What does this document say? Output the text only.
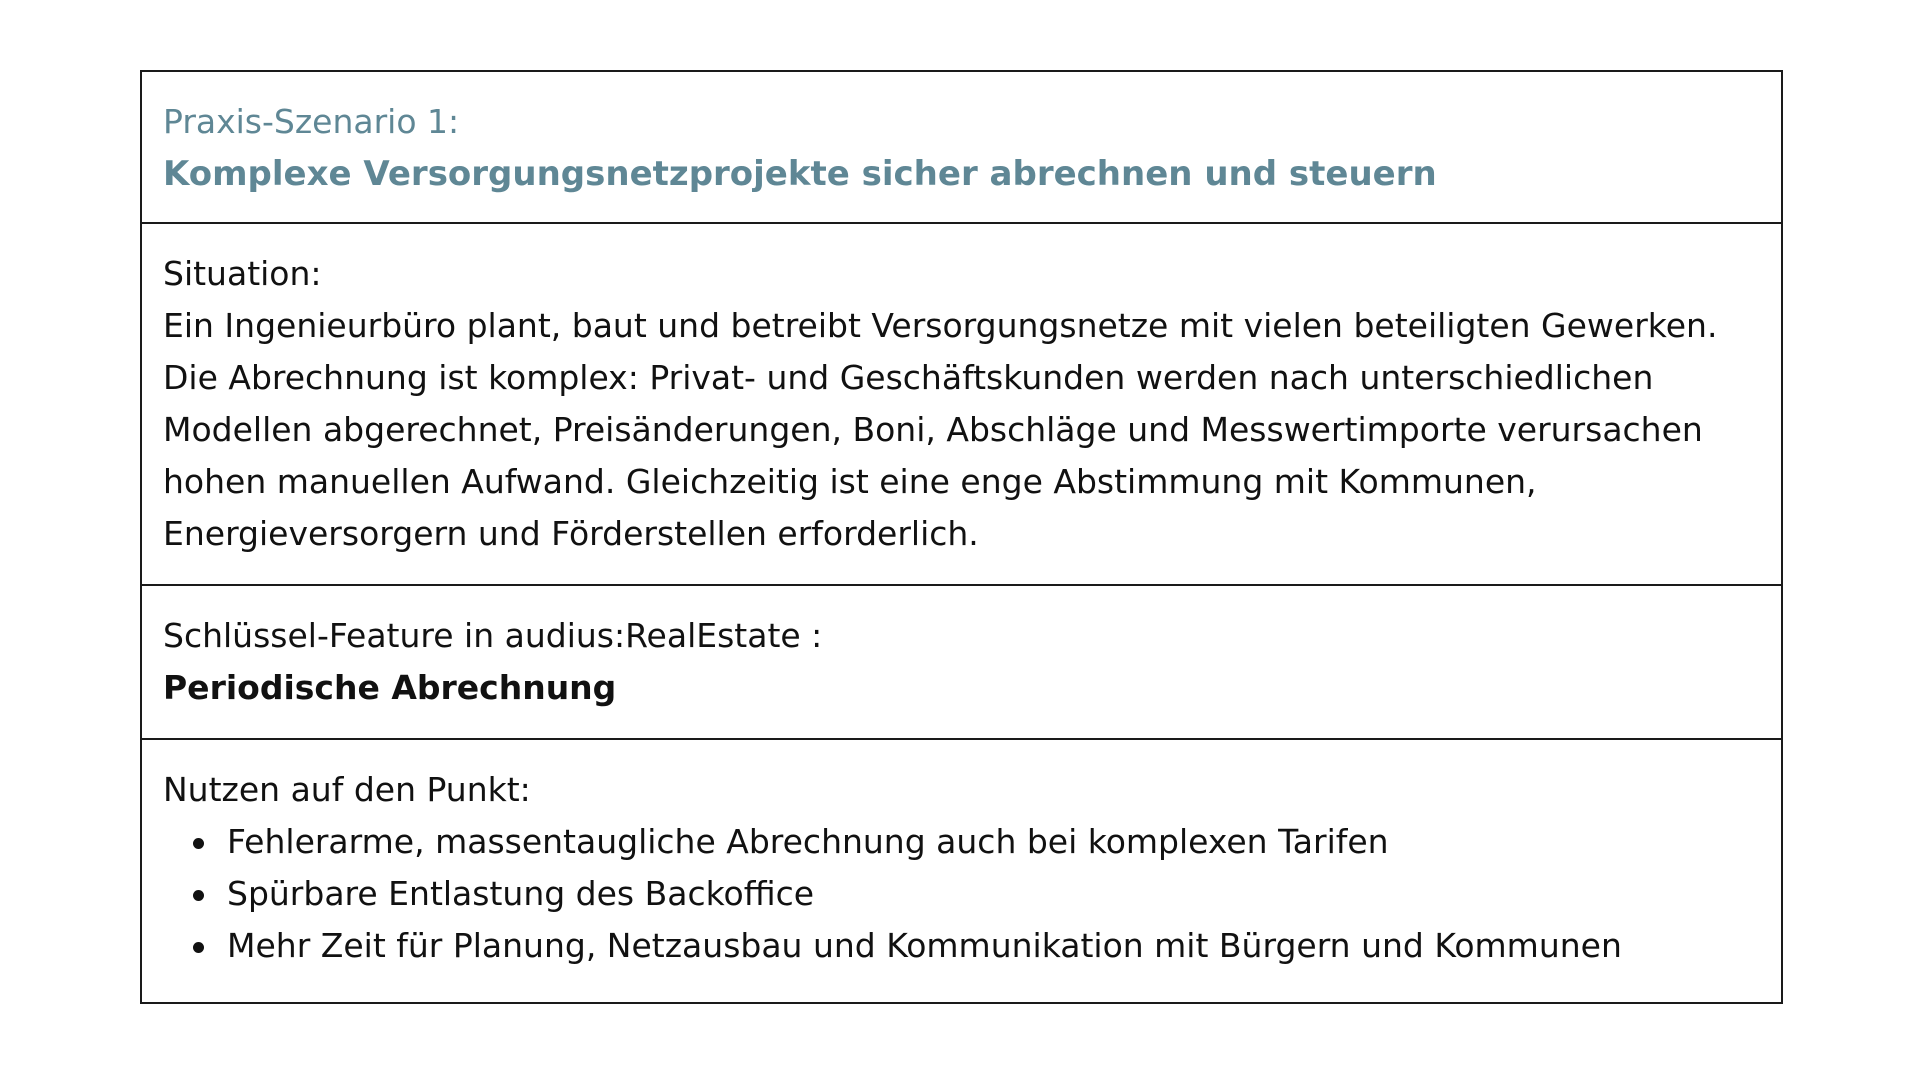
Praxis-Szenario 1:
Komplexe Versorgungsnetzprojekte sicher abrechnen und steuern
Situation:
Ein Ingenieurbüro plant, baut und betreibt Versorgungsnetze mit vielen beteiligten Gewerken.
Die Abrechnung ist komplex: Privat- und Geschäftskunden werden nach unterschiedlichen
Modellen abgerechnet, Preisänderungen, Boni, Abschläge und Messwertimporte verursachen
hohen manuellen Aufwand. Gleichzeitig ist eine enge Abstimmung mit Kommunen,
Energieversorgern und Förderstellen erforderlich.
Schlüssel-Feature in audius:RealEstate :
Periodische Abrechnung
Nutzen auf den Punkt:
Fehlerarme, massentaugliche Abrechnung auch bei komplexen Tarifen
Spürbare Entlastung des Backoffice
Mehr Zeit für Planung, Netzausbau und Kommunikation mit Bürgern und Kommunen
